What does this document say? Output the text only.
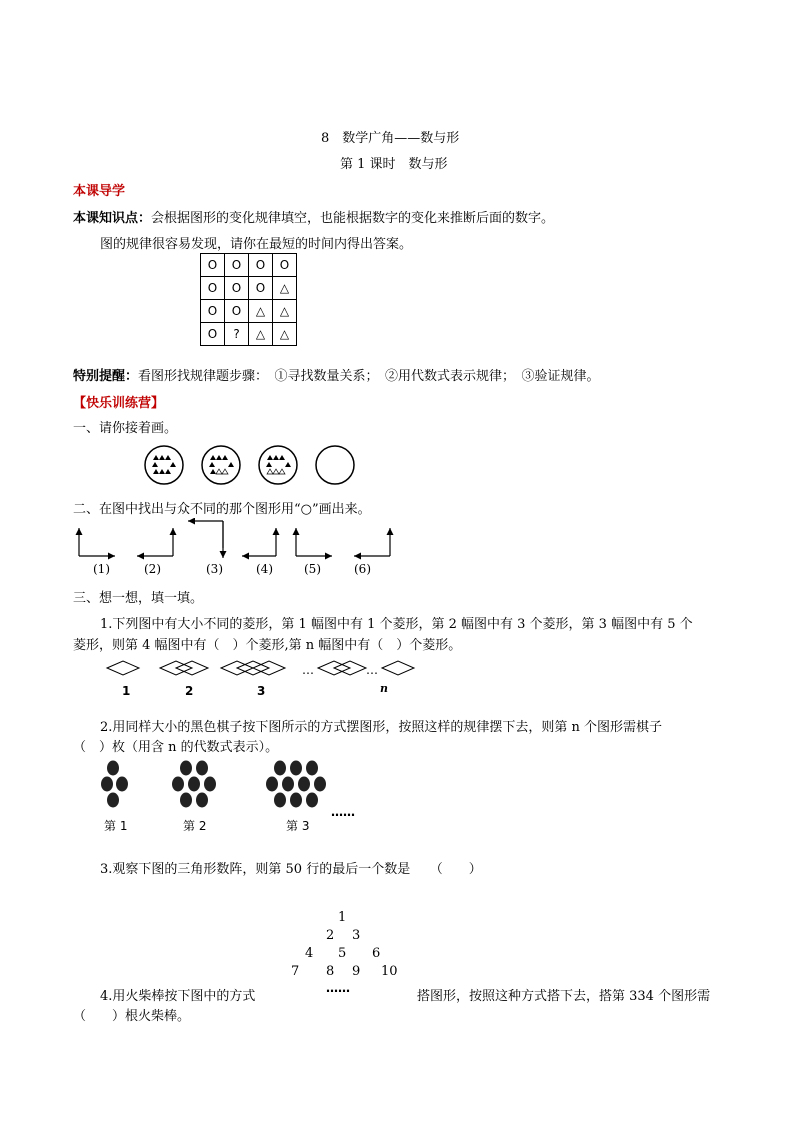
8　数学广角——数与形
第 1 课时　数与形
本课导学
本课知识点：会根据图形的变化规律填空，也能根据数字的变化来推断后面的数字。
图的规律很容易发现，请你在最短的时间内得出答案。
O	O	O	O
O	O	O	△
O	O	△	△
O	?	△	△
特别提醒：看图形找规律题步骤：　①寻找数量关系；　②用代数式表示规律；　③验证规律。
【快乐训练营】
一、请你接着画。
二、在图中找出与众不同的那个图形用“○”画出来。
(1)	(2)	(3)	(4)	(5)	(6)
三、想一想，填一填。
1.下列图中有大小不同的菱形，第 1 幅图中有 1 个菱形，第 2 幅图中有 3 个菱形，第 3 幅图中有 5 个
菱形，则第 4 幅图中有（　）个菱形,第 n 幅图中有（　）个菱形。
…	…
1	2	3	n
2.用同样大小的黑色棋子按下图所示的方式摆图形，按照这样的规律摆下去，则第 n 个图形需棋子
（　）枚（用含 n 的代数式表示）。
……
第 1	第 2	第 3
3.观察下图的三角形数阵，则第 50 行的最后一个数是　　（　　）
1
2 3
4 5 6
7 8 9 10
4.用火柴棒按下图中的方式
……
搭图形，按照这种方式搭下去，搭第 334 个图形需
（　　）根火柴棒。
